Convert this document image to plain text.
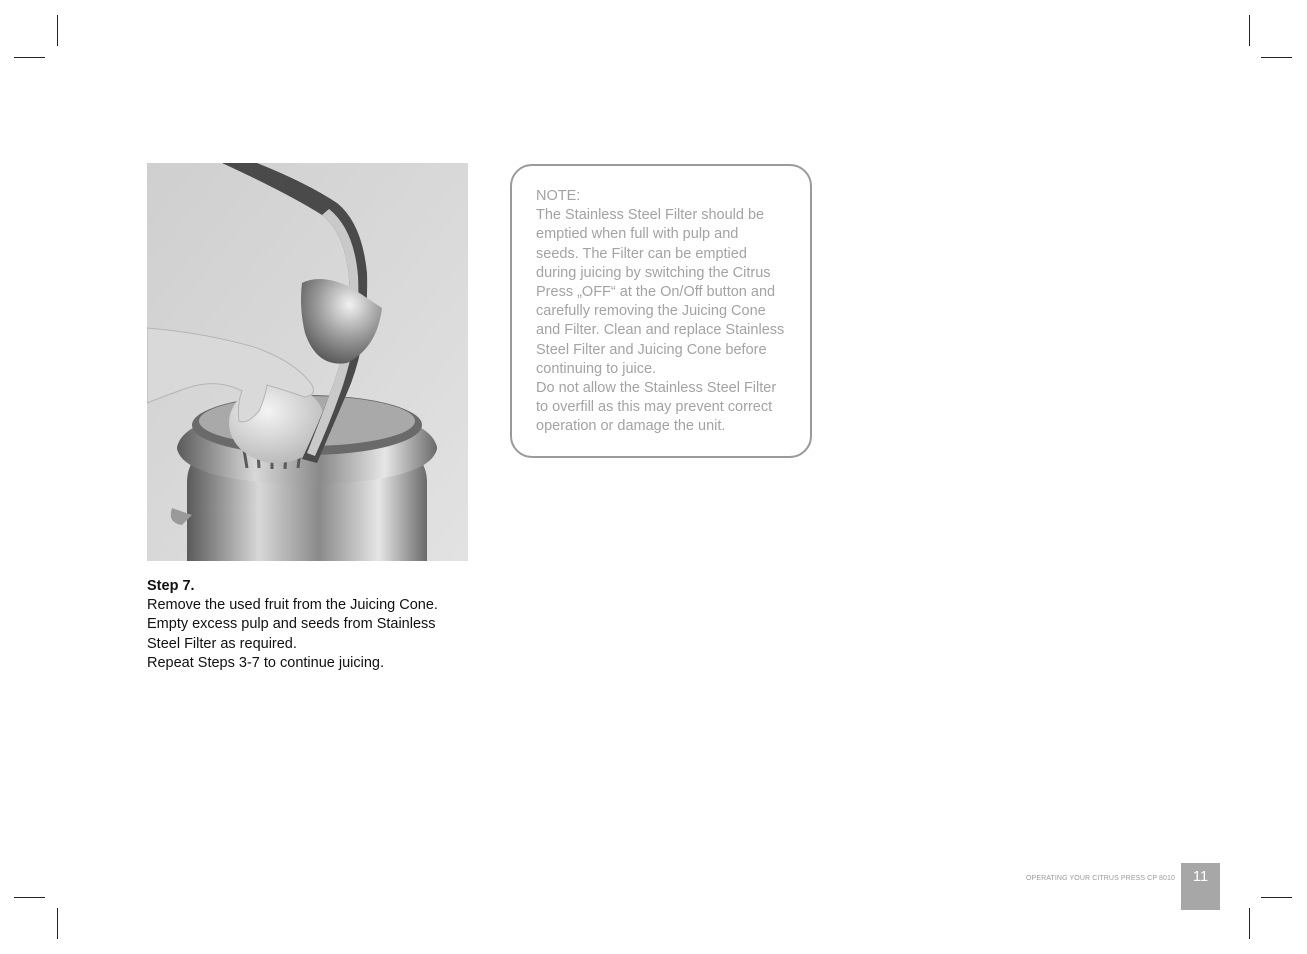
Step 7.
Remove the used fruit from the Juicing Cone.
Empty excess pulp and seeds from Stainless
Steel Filter as required.
Repeat Steps 3-7 to continue juicing.
NOTE:
The Stainless Steel Filter should be
emptied when full with pulp and
seeds. The Filter can be emptied
during juicing by switching the Citrus
Press „OFF“ at the On/Off button and
carefully removing the Juicing Cone
and Filter. Clean and replace Stainless
Steel Filter and Juicing Cone before
continuing to juice.
Do not allow the Stainless Steel Filter
to overfill as this may prevent correct
operation or damage the unit.
OPERATING YOUR CITRUS PRESS CP 8010	11
